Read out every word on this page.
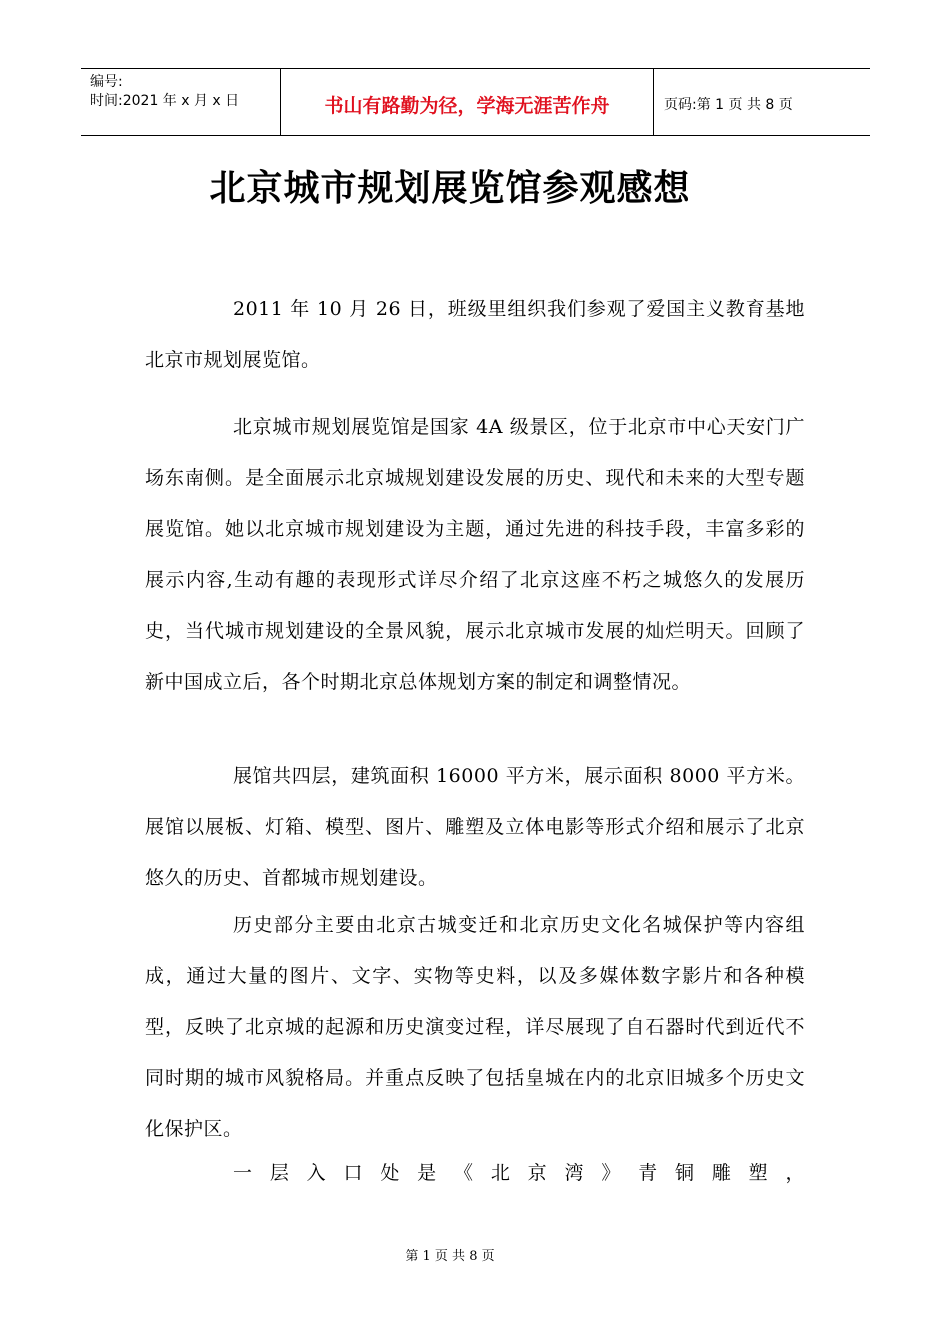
编号:
时间:2021 年 x 月 x 日	书山有路勤为径，学海无涯苦作舟	页码:第 1 页 共 8 页
北京城市规划展览馆参观感想

2011 年 10 月 26 日，班级里组织我们参观了爱国主义教育基地北京市规划展览馆。

北京城市规划展览馆是国家 4A 级景区，位于北京市中心天安门广场东南侧。是全面展示北京城规划建设发展的历史、现代和未来的大型专题展览馆。她以北京城市规划建设为主题，通过先进的科技手段，丰富多彩的展示内容,生动有趣的表现形式详尽介绍了北京这座不朽之城悠久的发展历史，当代城市规划建设的全景风貌，展示北京城市发展的灿烂明天。回顾了新中国成立后，各个时期北京总体规划方案的制定和调整情况。

展馆共四层，建筑面积 16000 平方米，展示面积 8000 平方米。展馆以展板、灯箱、模型、图片、雕塑及立体电影等形式介绍和展示了北京悠久的历史、首都城市规划建设。

历史部分主要由北京古城变迁和北京历史文化名城保护等内容组成，通过大量的图片、文字、实物等史料，以及多媒体数字影片和各种模型，反映了北京城的起源和历史演变过程，详尽展现了自石器时代到近代不同时期的城市风貌格局。并重点反映了包括皇城在内的北京旧城多个历史文化保护区。

一层入口处是《北京湾》青铜雕塑，

第 1 页 共 8 页
